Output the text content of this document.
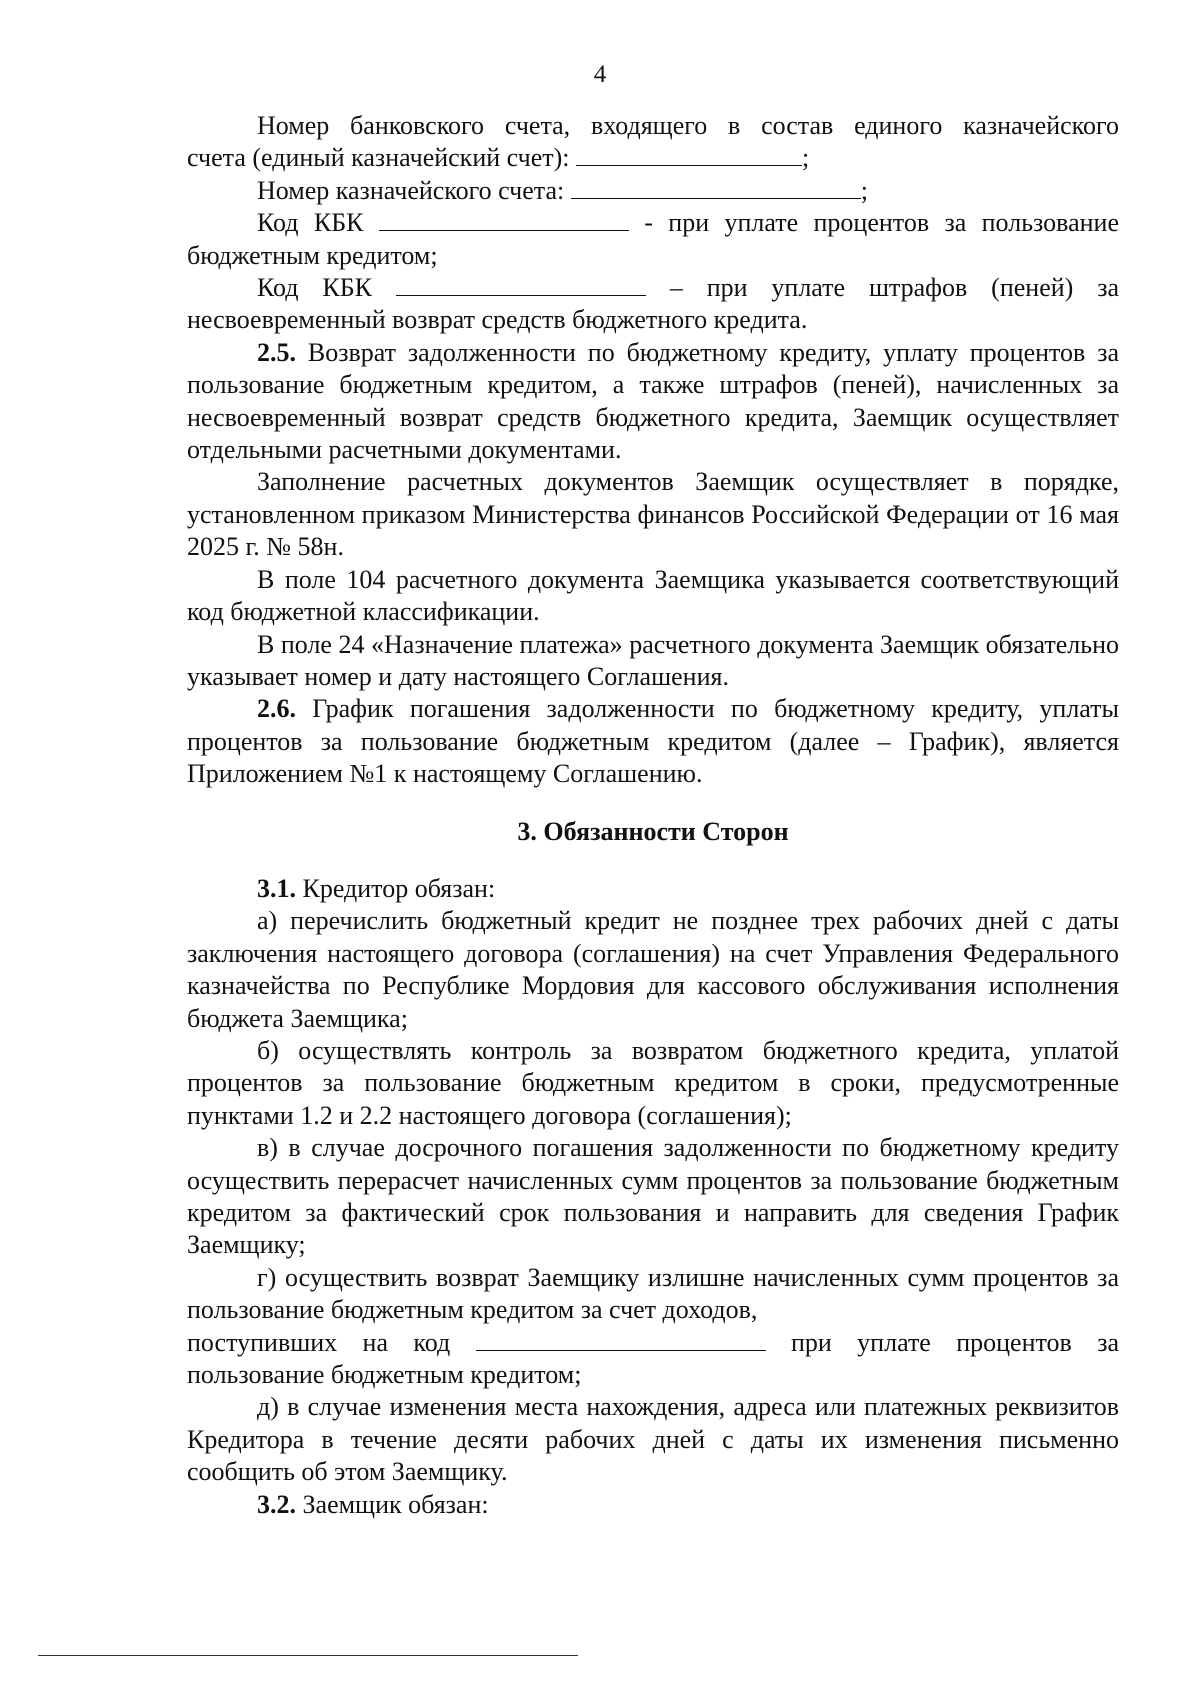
4

Номер банковского счета, входящего в состав единого казначейского

счета (единый казначейский счет):	;

Номер казначейского счета:	;

Код КБК	- при уплате процентов за пользование

бюджетным кредитом;

Код КБК	– при уплате штрафов (пеней) за

несвоевременный возврат средств бюджетного кредита.

2.5. Возврат задолженности по бюджетному кредиту, уплату процентов за пользование бюджетным кредитом, а также штрафов (пеней), начисленных за несвоевременный возврат средств бюджетного кредита, Заемщик осуществляет отдельными расчетными документами.

Заполнение расчетных документов Заемщик осуществляет в порядке, установленном приказом Министерства финансов Российской Федерации от 16 мая 2025 г. № 58н.

В поле 104 расчетного документа Заемщика указывается соответствующий код бюджетной классификации.

В поле 24 «Назначение платежа» расчетного документа Заемщик обязательно указывает номер и дату настоящего Соглашения.

2.6. График погашения задолженности по бюджетному кредиту, уплаты процентов за пользование бюджетным кредитом (далее – График), является Приложением №1 к настоящему Соглашению.

3. Обязанности Сторон

3.1. Кредитор обязан:

а) перечислить бюджетный кредит не позднее трех рабочих дней с даты заключения настоящего договора (соглашения) на счет Управления Федерального казначейства по Республике Мордовия для кассового обслуживания исполнения бюджета Заемщика;

б) осуществлять контроль за возвратом бюджетного кредита, уплатой процентов за пользование бюджетным кредитом в сроки, предусмотренные пунктами 1.2 и 2.2 настоящего договора (соглашения);

в) в случае досрочного погашения задолженности по бюджетному кредиту осуществить перерасчет начисленных сумм процентов за пользование бюджетным кредитом за фактический срок пользования и направить для сведения График Заемщику;

г) осуществить возврат Заемщику излишне начисленных сумм процентов за пользование бюджетным кредитом за счет доходов,

поступивших на код	при уплате процентов за

пользование бюджетным кредитом;

д) в случае изменения места нахождения, адреса или платежных реквизитов Кредитора в течение десяти рабочих дней с даты их изменения письменно сообщить об этом Заемщику.

3.2. Заемщик обязан:
